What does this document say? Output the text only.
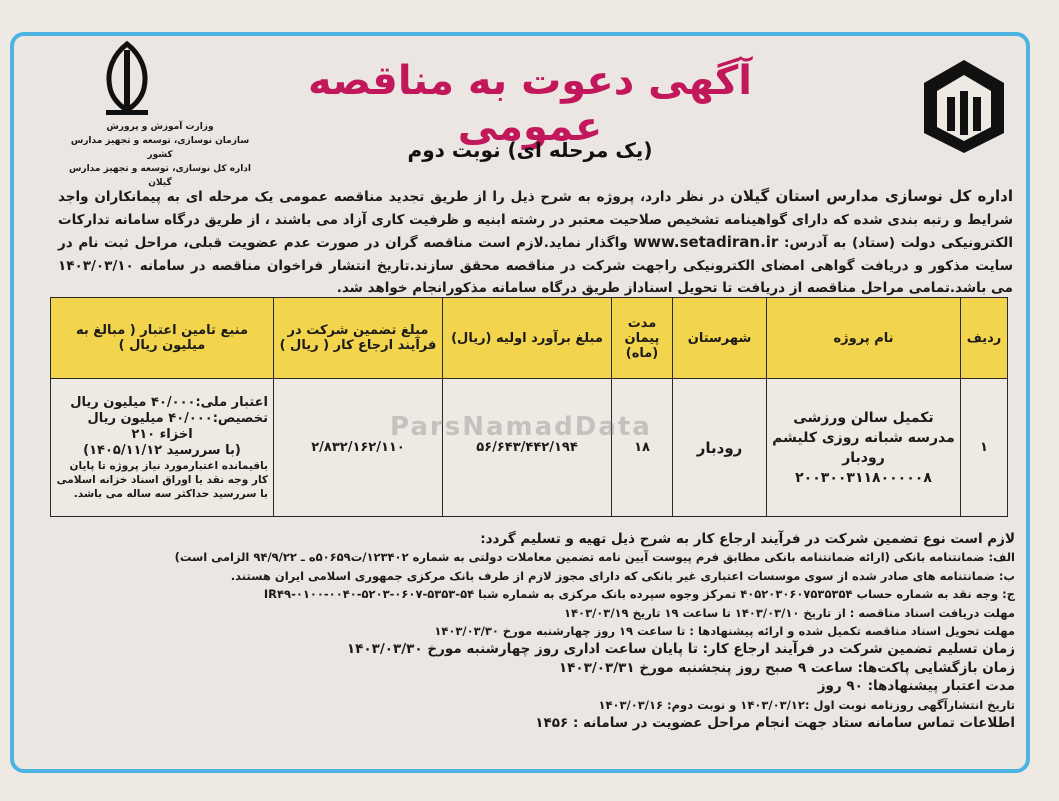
وزارت آموزش و پرورش
سازمان نوسازی، توسعه و تجهیز مدارس کشور
اداره کل نوسازی، توسعه و تجهیز مدارس گیلان
آگهی دعوت به مناقصه عمومی
(یک مرحله ای) نوبت دوم
اداره کل نوسازی مدارس استان گیلان در نظر دارد، پروژه به شرح ذیل را از طریق تجدید مناقصه عمومی یک مرحله ای به پیمانکاران واجد شرایط و رتبه بندی شده که دارای گواهینامه تشخیص صلاحیت معتبر در رشته ابنیه و ظرفیت کاری آزاد می باشند ، از طریق درگاه سامانه تدارکات الکترونیکی دولت (ستاد) به آدرس: www.setadiran.ir واگذار نماید.لازم است مناقصه گران در صورت عدم عضویت قبلی، مراحل ثبت نام در سایت مذکور و دریافت گواهی امضای الکترونیکی راجهت شرکت در مناقصه محقق سازند.تاریخ انتشار فراخوان مناقصه در سامانه ۱۴۰۳/۰۳/۱۰ می باشد.تمامی مراحل مناقصه از دریافت تا تحویل اسناداز طریق درگاه سامانه مذکورانجام خواهد شد.
ردیف	نام پروژه	شهرستان	مدت پیمان (ماه)	مبلغ برآورد اولیه (ریال)	مبلغ تضمین شرکت در فرآیند ارجاع کار ( ریال )	منبع تامین اعتبار ( مبالغ به میلیون ریال )
۱	تکمیل سالن ورزشی مدرسه شبانه روزی کلیشم رودبار ۲۰۰۳۰۰۳۱۱۸۰۰۰۰۰۸	رودبار	۱۸	۵۶/۶۴۳/۴۴۲/۱۹۴	۲/۸۳۲/۱۶۲/۱۱۰	اعتبار ملی:۴۰/۰۰۰ میلیون ریال
تخصیص:۴۰/۰۰۰ میلیون ریال
اخزاء ۲۱۰
(با سررسید ۱۴۰۵/۱۱/۱۲)
باقیمانده اعتبارمورد نیاز پروژه تا پایان کار وجه نقد یا اوراق اسناد خزانه اسلامی با سررسید حداکثر سه ساله می باشد.
ParsNamadData
لازم است نوع تضمین شرکت در فرآیند ارجاع کار به شرح ذیل تهیه و تسلیم گردد:
الف: ضمانتنامه بانکی (ارائه ضمانتنامه بانکی مطابق فرم پیوست آیین نامه تضمین معاملات دولتی به شماره ۱۲۳۴۰۲/ت۵۰۶۵۹ه ـ ۹۴/۹/۲۲ الزامی است)
ب: ضمانتنامه های صادر شده از سوی موسسات اعتباری غیر بانکی که دارای مجوز لازم از طرف بانک مرکزی جمهوری اسلامی ایران هستند.
ج: وجه نقد به شماره حساب ۴۰۵۲۰۳۰۶۰۷۵۳۵۳۵۴ تمرکز وجوه سپرده بانک مرکزی به شماره شبا IR۴۹-۰۱۰۰-۰۰۴۰-۵۲۰۳-۰۶۰۷-۵۳۵۳-۵۴
مهلت دریافت اسناد مناقصه : از تاریخ ۱۴۰۳/۰۳/۱۰ تا ساعت ۱۹ تاریخ ۱۴۰۳/۰۳/۱۹
مهلت تحویل اسناد مناقصه تکمیل شده و ارائه پیشنهادها : تا ساعت ۱۹ روز چهارشنبه مورخ ۱۴۰۳/۰۳/۳۰
زمان تسلیم تضمین شرکت در فرآیند ارجاع کار: تا پایان ساعت اداری روز چهارشنبه مورخ ۱۴۰۳/۰۳/۳۰
زمان بازگشایی پاکت‌ها: ساعت ۹ صبح روز پنجشنبه مورخ ۱۴۰۳/۰۳/۳۱
مدت اعتبار پیشنهادها: ۹۰ روز
تاریخ انتشارآگهی روزنامه نوبت اول :۱۴۰۳/۰۳/۱۲ و نوبت دوم: ۱۴۰۳/۰۳/۱۶
اطلاعات تماس سامانه ستاد جهت انجام مراحل عضویت در سامانه : ۱۴۵۶
